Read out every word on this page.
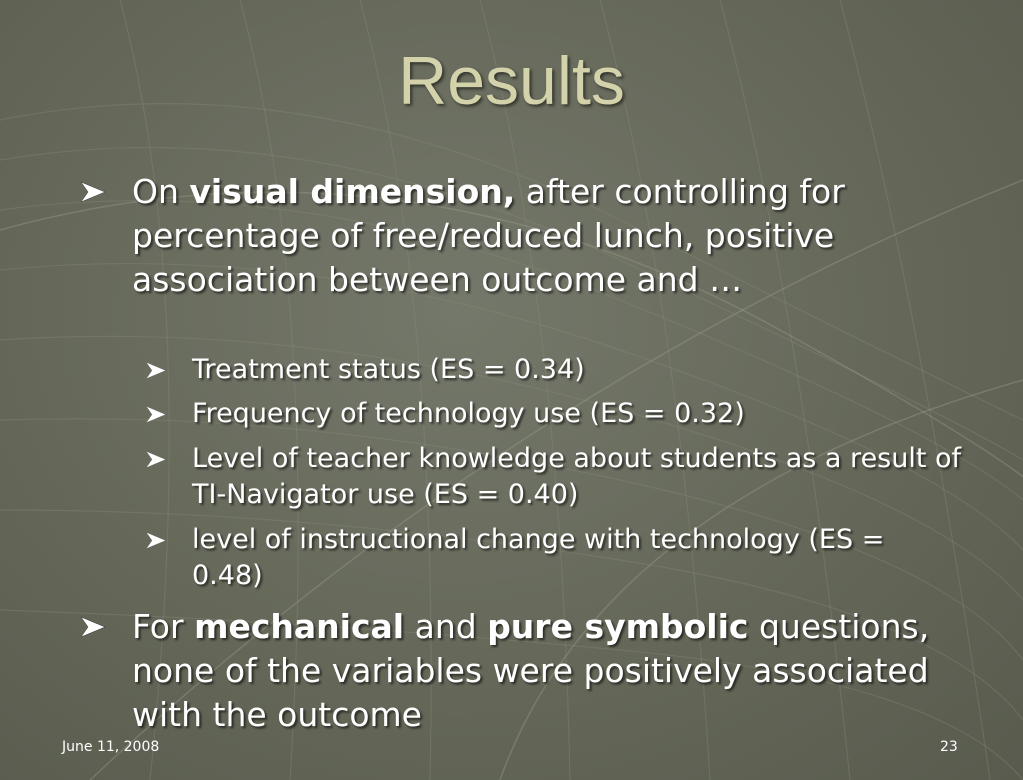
Results
On visual dimension, after controlling for percentage of free/reduced lunch, positive association between outcome and …
Treatment status (ES = 0.34)
Frequency of technology use (ES = 0.32)
Level of teacher knowledge about students as a result of TI-Navigator use (ES = 0.40)
level of instructional change with technology (ES = 0.48)
For mechanical and pure symbolic questions, none of the variables were positively associated with the outcome
June 11, 2008	23
